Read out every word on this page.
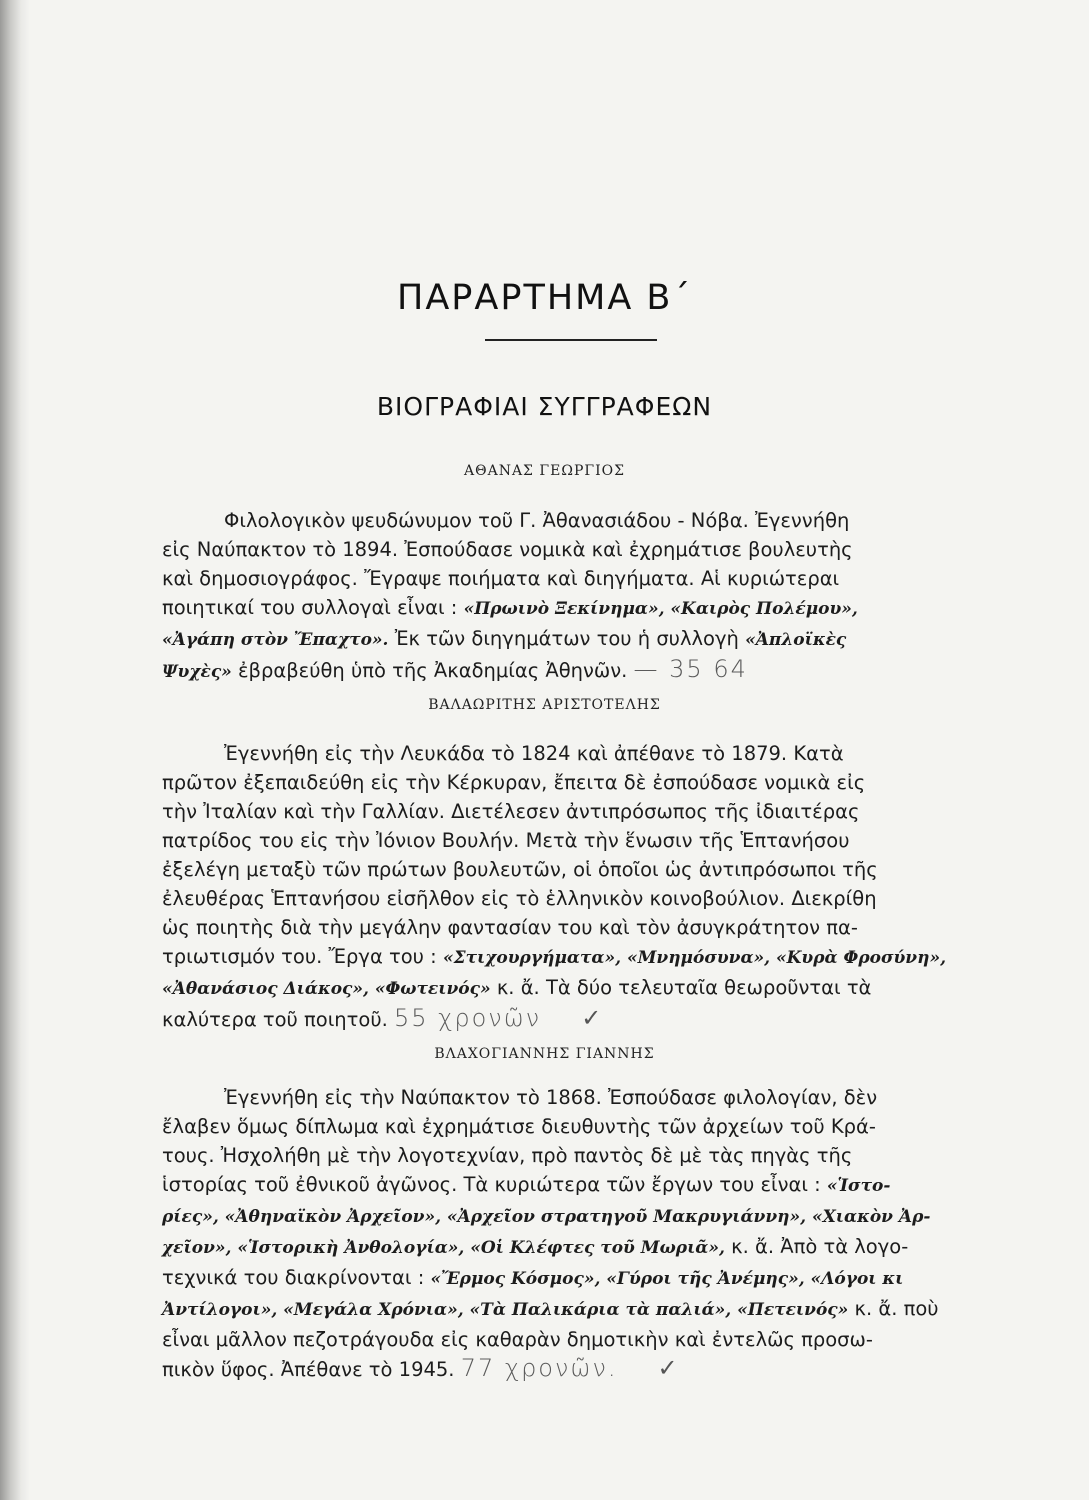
ΠΑΡΑΡΤΗΜΑ Β΄
ΒΙΟΓΡΑΦΙΑΙ ΣΥΓΓΡΑΦΕΩΝ
ΑΘΑΝΑΣ ΓΕΩΡΓΙΟΣ
Φιλολογικὸν ψευδώνυμον τοῦ Γ. Ἀθανασιάδου - Νόβα. Ἐγεννήθη
εἰς Ναύπακτον τὸ 1894. Ἐσπούδασε νομικὰ καὶ ἐχρημάτισε βουλευτὴς
καὶ δημοσιογράφος. Ἔγραψε ποιήματα καὶ διηγήματα. Αἱ κυριώτεραι
ποιητικαί του συλλογαὶ εἶναι : «Πρωινὸ Ξεκίνημα», «Καιρὸς Πολέμου»,
«Ἀγάπη στὸν Ἔπαχτο». Ἐκ τῶν διηγημάτων του ἡ συλλογὴ «Ἀπλοϊκὲς
Ψυχὲς» ἐβραβεύθη ὑπὸ τῆς Ἀκαδημίας Ἀθηνῶν. — 35 64
ΒΑΛΑΩΡΙΤΗΣ ΑΡΙΣΤΟΤΕΛΗΣ
Ἐγεννήθη εἰς τὴν Λευκάδα τὸ 1824 καὶ ἀπέθανε τὸ 1879. Κατὰ
πρῶτον ἐξεπαιδεύθη εἰς τὴν Κέρκυραν, ἔπειτα δὲ ἐσπούδασε νομικὰ εἰς
τὴν Ἰταλίαν καὶ τὴν Γαλλίαν. Διετέλεσεν ἀντιπρόσωπος τῆς ἰδιαιτέρας
πατρίδος του εἰς τὴν Ἰόνιον Βουλήν. Μετὰ τὴν ἕνωσιν τῆς Ἑπτανήσου
ἐξελέγη μεταξὺ τῶν πρώτων βουλευτῶν, οἱ ὁποῖοι ὡς ἀντιπρόσωποι τῆς
ἐλευθέρας Ἑπτανήσου εἰσῆλθον εἰς τὸ ἑλληνικὸν κοινοβούλιον. Διεκρίθη
ὡς ποιητὴς διὰ τὴν μεγάλην φαντασίαν του καὶ τὸν ἀσυγκράτητον πα-
τριωτισμόν του. Ἔργα του : «Στιχουργήματα», «Μνημόσυνα», «Κυρὰ Φροσύνη»,
«Ἀθανάσιος Διάκος», «Φωτεινός» κ. ἄ. Τὰ δύο τελευταῖα θεωροῦνται τὰ
καλύτερα τοῦ ποιητοῦ. 55 χρονῶν ✓
ΒΛΑΧΟΓΙΑΝΝΗΣ ΓΙΑΝΝΗΣ
Ἐγεννήθη εἰς τὴν Ναύπακτον τὸ 1868. Ἐσπούδασε φιλολογίαν, δὲν
ἔλαβεν ὅμως δίπλωμα καὶ ἐχρημάτισε διευθυντὴς τῶν ἀρχείων τοῦ Κρά-
τους. Ἠσχολήθη μὲ τὴν λογοτεχνίαν, πρὸ παντὸς δὲ μὲ τὰς πηγὰς τῆς
ἱστορίας τοῦ ἐθνικοῦ ἀγῶνος. Τὰ κυριώτερα τῶν ἔργων του εἶναι : «Ἱστο-
ρίες», «Ἀθηναϊκὸν Ἀρχεῖον», «Ἀρχεῖον στρατηγοῦ Μακρυγιάννη», «Χιακὸν Ἀρ-
χεῖον», «Ἱστορικὴ Ἀνθολογία», «Οἱ Κλέφτες τοῦ Μωριᾶ», κ. ἄ. Ἀπὸ τὰ λογο-
τεχνικά του διακρίνονται : «Ἔρμος Κόσμος», «Γύροι τῆς Ἀνέμης», «Λόγοι κι
Ἀντίλογοι», «Μεγάλα Χρόνια», «Τὰ Παλικάρια τὰ παλιά», «Πετεινός» κ. ἄ. ποὺ
εἶναι μᾶλλον πεζοτράγουδα εἰς καθαρὰν δημοτικὴν καὶ ἐντελῶς προσω-
πικὸν ὕφος. Ἀπέθανε τὸ 1945. 77 χρονῶν. ✓
